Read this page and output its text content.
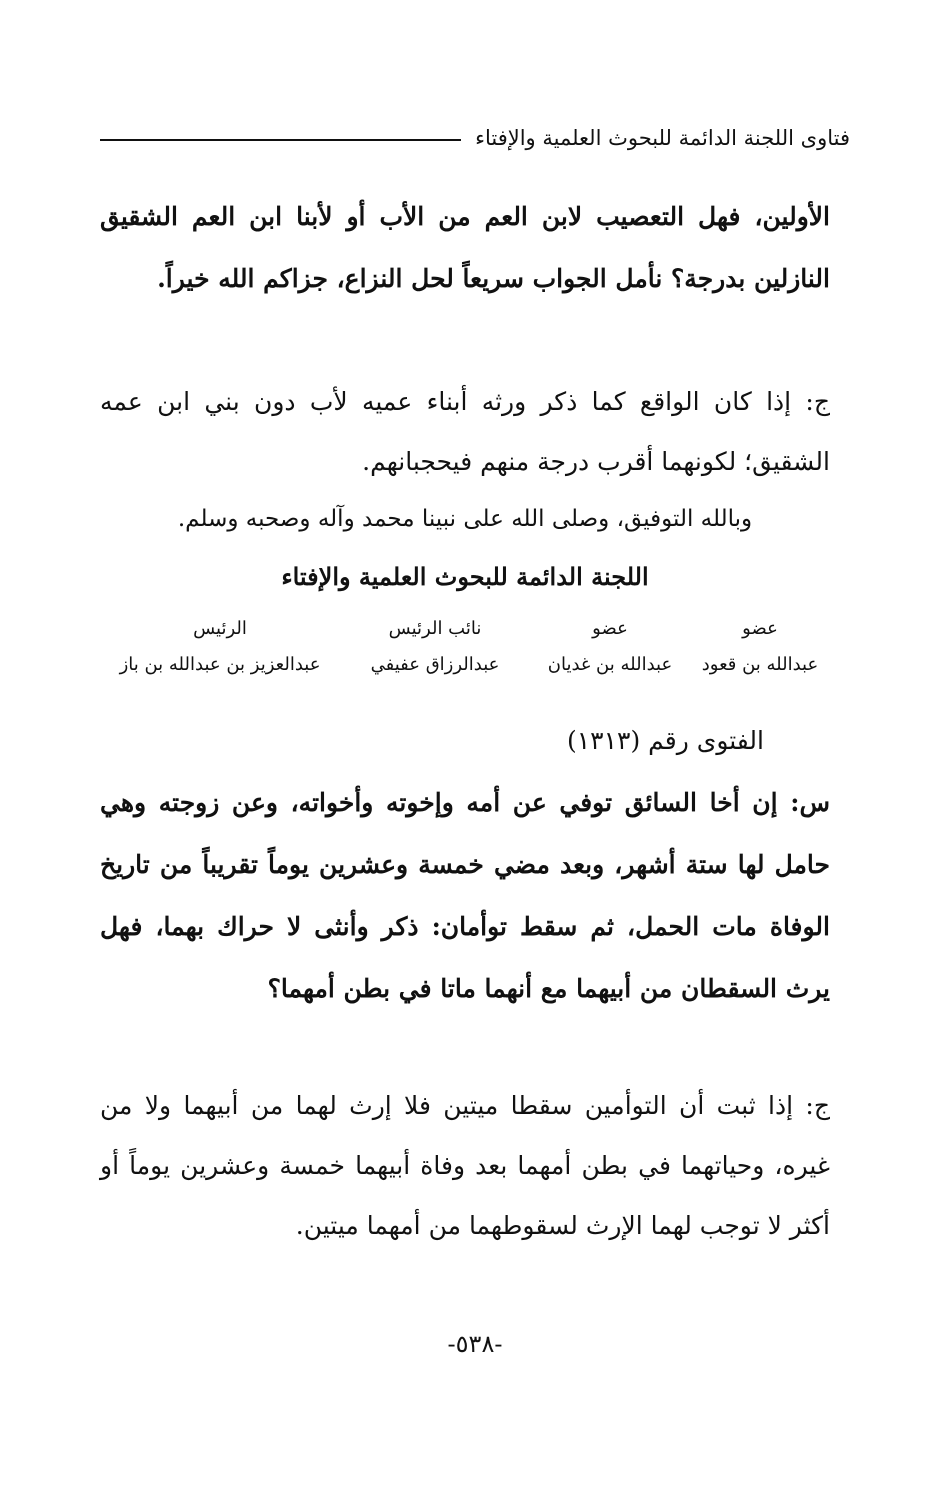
فتاوى اللجنة الدائمة للبحوث العلمية والإفتاء

الأولين، فهل التعصيب لابن العم من الأب أو لأبنا ابن العم الشقيق النازلين بدرجة؟ نأمل الجواب سريعاً لحل النزاع، جزاكم الله خيراً.

ج: إذا كان الواقع كما ذكر ورثه أبناء عميه لأب دون بني ابن عمه الشقيق؛ لكونهما أقرب درجة منهم فيحجبانهم.

وبالله التوفيق، وصلى الله على نبينا محمد وآله وصحبه وسلم.

اللجنة الدائمة للبحوث العلمية والإفتاء

عضو
عضو
نائب الرئيس
الرئيس
عبدالله بن قعود
عبدالله بن غديان
عبدالرزاق عفيفي
عبدالعزيز بن عبدالله بن باز
الفتوى رقم (١٣١٣)

س: إن أخا السائق توفي عن أمه وإخوته وأخواته، وعن زوجته وهي حامل لها ستة أشهر، وبعد مضي خمسة وعشرين يوماً تقريباً من تاريخ الوفاة مات الحمل، ثم سقط توأمان: ذكر وأنثى لا حراك بهما، فهل يرث السقطان من أبيهما مع أنهما ماتا في بطن أمهما؟

ج: إذا ثبت أن التوأمين سقطا ميتين فلا إرث لهما من أبيهما ولا من غيره، وحياتهما في بطن أمهما بعد وفاة أبيهما خمسة وعشرين يوماً أو أكثر لا توجب لهما الإرث لسقوطهما من أمهما ميتين.

-٥٣٨-
